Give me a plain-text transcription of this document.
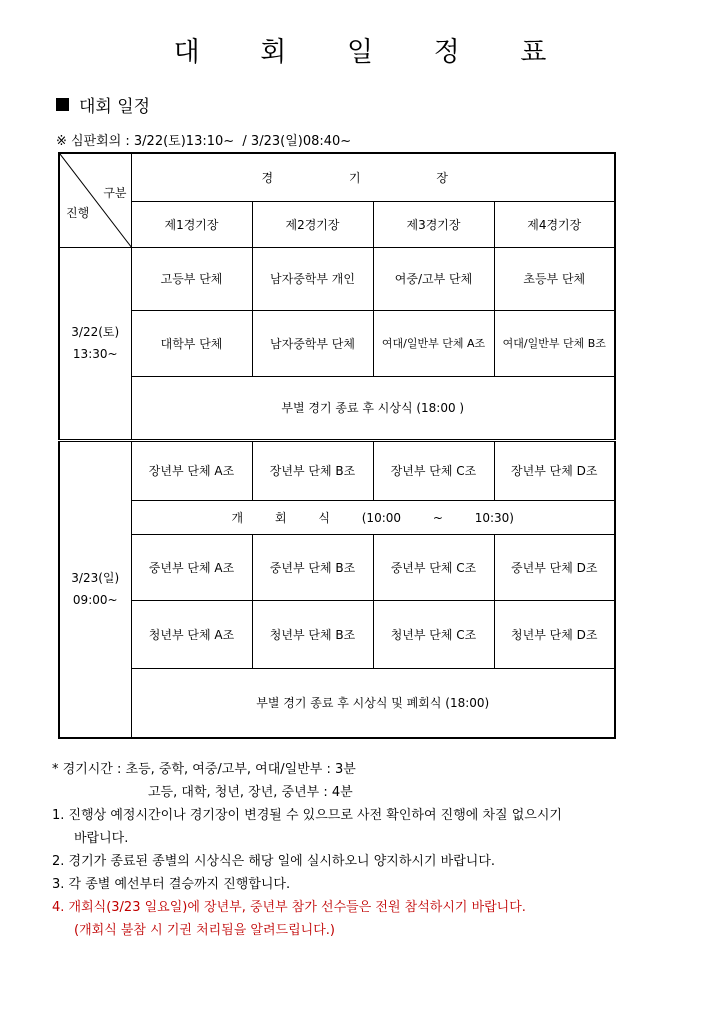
대 회 일 정 표
대회 일정
※ 심판회의 : 3/22(토)13:10~  / 3/23(일)08:40~
구분
진행	경 기 장			
	제1경기장	제2경기장	제3경기장	제4경기장

3/22(토)
13:30~	고등부 단체	남자중학부 개인	여중/고부 단체	초등부 단체
	대학부 단체	남자중학부 단체	여대/일반부 단체 A조	여대/일반부 단체 B조
	부별 경기 종료 후 시상식 (18:00 )			

3/23(일)
09:00~	장년부 단체 A조	장년부 단체 B조	장년부 단체 C조	장년부 단체 D조
	개 회 식 (10:00 ~ 10:30)			
	중년부 단체 A조	중년부 단체 B조	중년부 단체 C조	중년부 단체 D조
	청년부 단체 A조	청년부 단체 B조	청년부 단체 C조	청년부 단체 D조
	부별 경기 종료 후 시상식 및 폐회식 (18:00)			
* 경기시간 : 초등, 중학, 여중/고부, 여대/일반부 : 3분
고등, 대학, 청년, 장년, 중년부 : 4분
1. 진행상 예정시간이나 경기장이 변경될 수 있으므로 사전 확인하여 진행에 차질 없으시기
바랍니다.
2. 경기가 종료된 종별의 시상식은 해당 일에 실시하오니 양지하시기 바랍니다.
3. 각 종별 예선부터 결승까지 진행합니다.
4. 개회식(3/23 일요일)에 장년부, 중년부 참가 선수들은 전원 참석하시기 바랍니다.
(개회식 불참 시 기권 처리됨을 알려드립니다.)
